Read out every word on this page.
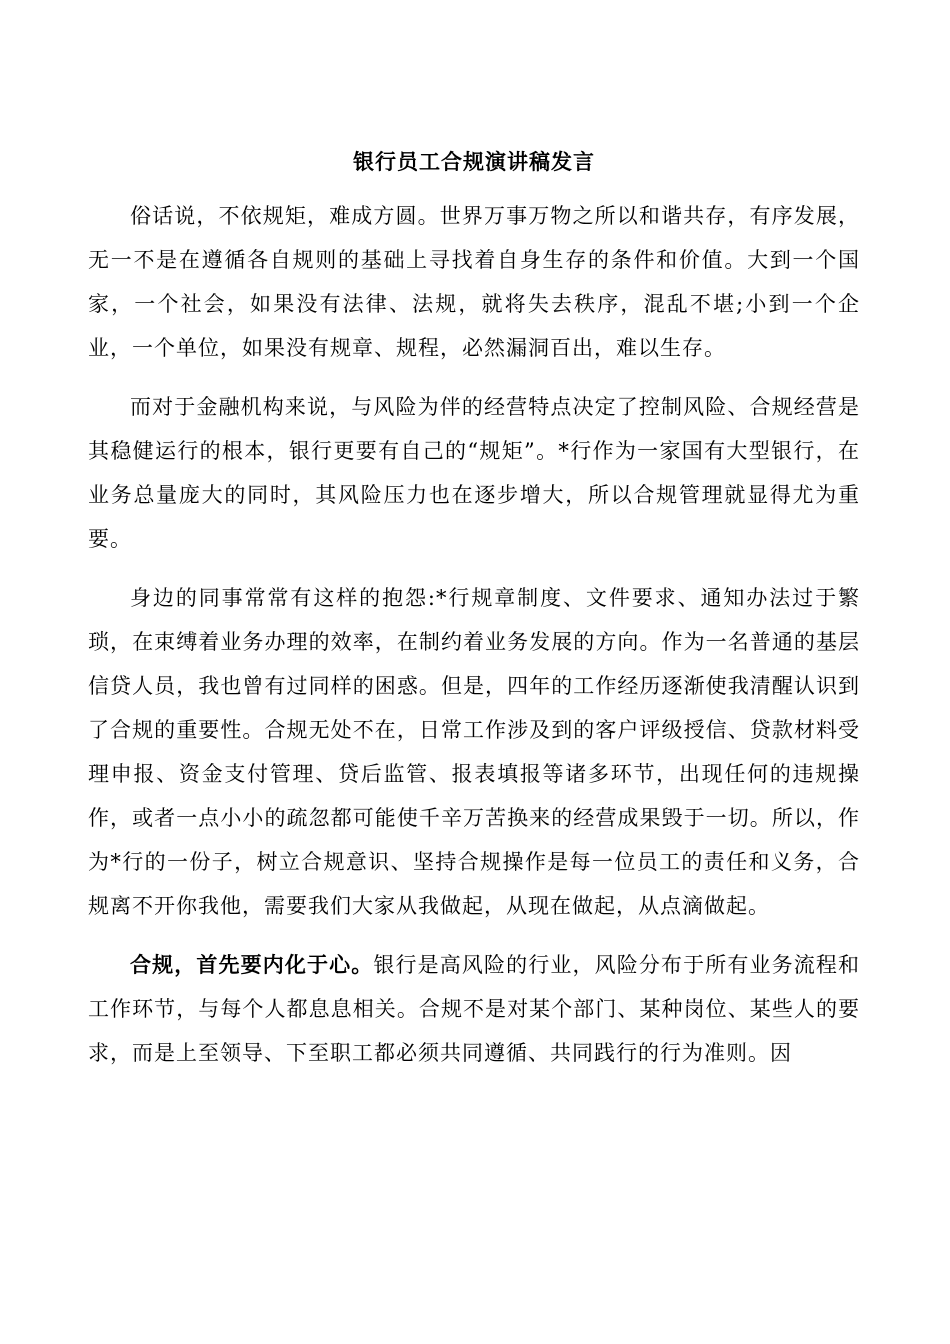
银行员工合规演讲稿发言

俗话说，不依规矩，难成方圆。世界万事万物之所以和谐共存，有序发展，无一不是在遵循各自规则的基础上寻找着自身生存的条件和价值。大到一个国家，一个社会，如果没有法律、法规，就将失去秩序，混乱不堪;小到一个企业，一个单位，如果没有规章、规程，必然漏洞百出，难以生存。

而对于金融机构来说，与风险为伴的经营特点决定了控制风险、合规经营是其稳健运行的根本，银行更要有自己的“规矩”。*行作为一家国有大型银行，在业务总量庞大的同时，其风险压力也在逐步增大，所以合规管理就显得尤为重要。

身边的同事常常有这样的抱怨:*行规章制度、文件要求、通知办法过于繁琐，在束缚着业务办理的效率，在制约着业务发展的方向。作为一名普通的基层信贷人员，我也曾有过同样的困惑。但是，四年的工作经历逐渐使我清醒认识到了合规的重要性。合规无处不在，日常工作涉及到的客户评级授信、贷款材料受理申报、资金支付管理、贷后监管、报表填报等诸多环节，出现任何的违规操作，或者一点小小的疏忽都可能使千辛万苦换来的经营成果毁于一切。所以，作为*行的一份子，树立合规意识、坚持合规操作是每一位员工的责任和义务，合规离不开你我他，需要我们大家从我做起，从现在做起，从点滴做起。

合规，首先要内化于心。银行是高风险的行业，风险分布于所有业务流程和工作环节，与每个人都息息相关。合规不是对某个部门、某种岗位、某些人的要求，而是上至领导、下至职工都必须共同遵循、共同践行的行为准则。因
